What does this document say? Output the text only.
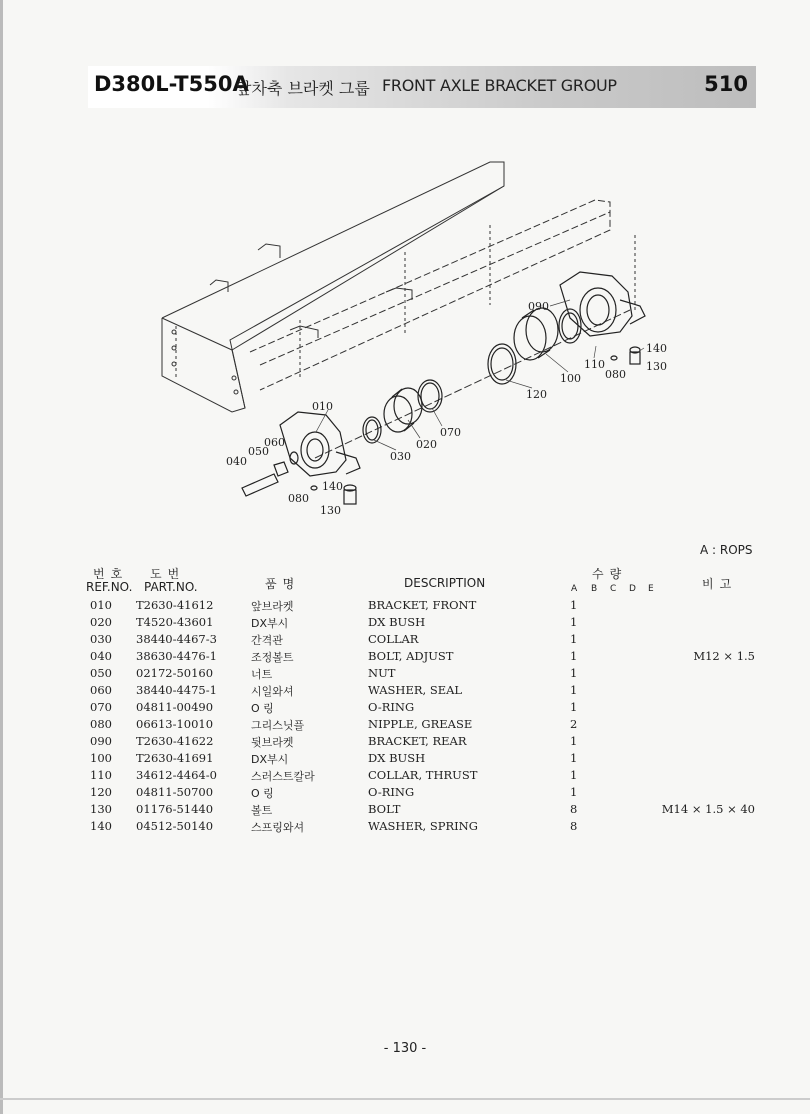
D380L-T550A
앞차축 브라켓 그룹 FRONT AXLE BRACKET GROUP	510
090
140
130
110
080
100
120
010
070
020
030
060
050
040
140
080
130
A : ROPS
번호
REF.NO.
도번
PART.NO.	품명	DESCRIPTION
수량
A B C D E	비고
010 T2630-41612	앞브라켓	BRACKET, FRONT	1
020 T4520-43601	DX부시	DX BUSH	1
030 38440-4467-3	간격관	COLLAR	1
040 38630-4476-1	조정볼트	BOLT, ADJUST	1	M12 × 1.5
050 02172-50160	너트	NUT	1
060 38440-4475-1	시일와셔	WASHER, SEAL	1
070 04811-00490	O 링	O-RING	1
080 06613-10010	그리스닛플	NIPPLE, GREASE	2
090 T2630-41622	뒷브라켓	BRACKET, REAR	1
100 T2630-41691	DX부시	DX BUSH	1
110 34612-4464-0	스러스트칼라	COLLAR, THRUST	1
120 04811-50700	O 링	O-RING	1
130 01176-51440	볼트	BOLT	8	M14 × 1.5 × 40
140 04512-50140	스프링와셔	WASHER, SPRING	8
- 130 -
